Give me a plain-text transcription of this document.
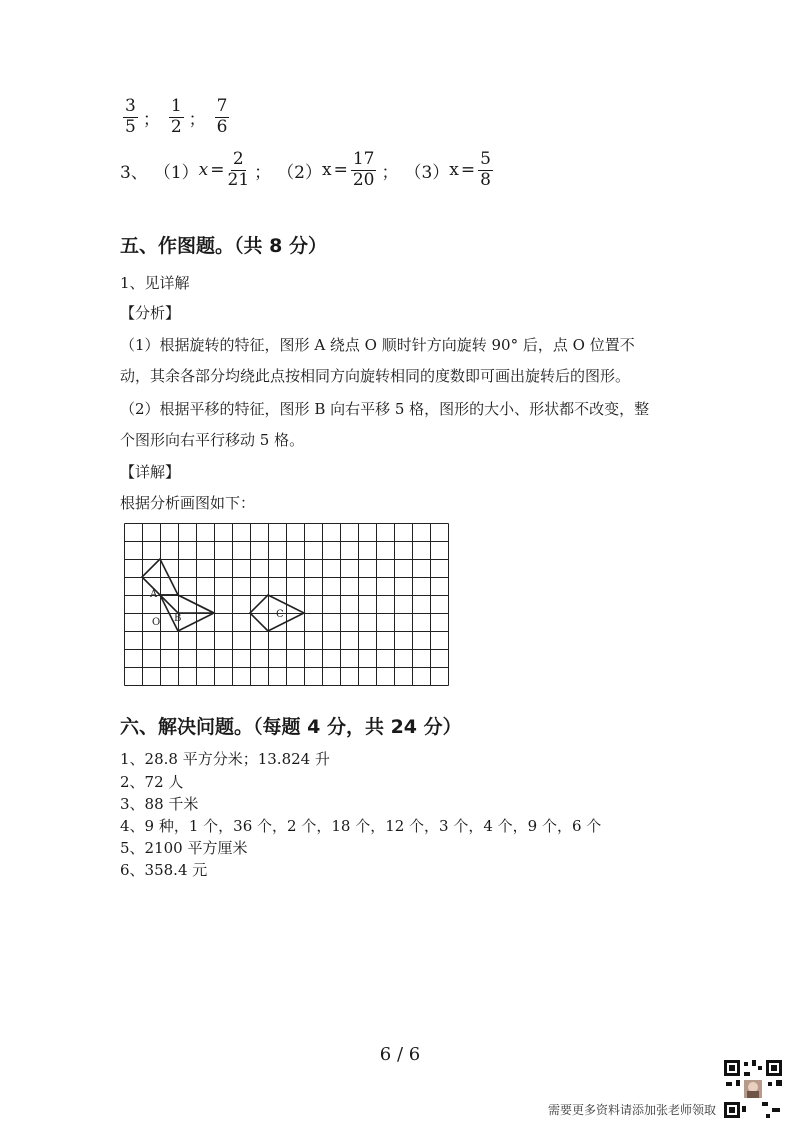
$\frac{3}{5}$ ； $\frac{1}{2}$ ； $\frac{7}{6}$
3、 （1） $x = \frac{2}{21}$ ； （2） $x = \frac{17}{20}$ ； （3） $x = \frac{5}{8}$
五、作图题。（共 8 分）
1、见详解
【分析】
（1）根据旋转的特征，图形 A 绕点 O 顺时针方向旋转 90° 后，点 O 位置不
动，其余各部分均绕此点按相同方向旋转相同的度数即可画出旋转后的图形。
（2）根据平移的特征，图形 B 向右平移 5 格，图形的大小、形状都不改变，整
个图形向右平行移动 5 格。
【详解】
根据分析画图如下：
A
O B	C
六、解决问题。（每题 4 分，共 24 分）
1、28.8 平方分米；13.824 升
2、72 人
3、88 千米
4、9 种，1 个，36 个，2 个，18 个，12 个，3 个，4 个，9 个，6 个
5、2100 平方厘米
6、358.4 元
6 / 6
需要更多资料请添加张老师领取
